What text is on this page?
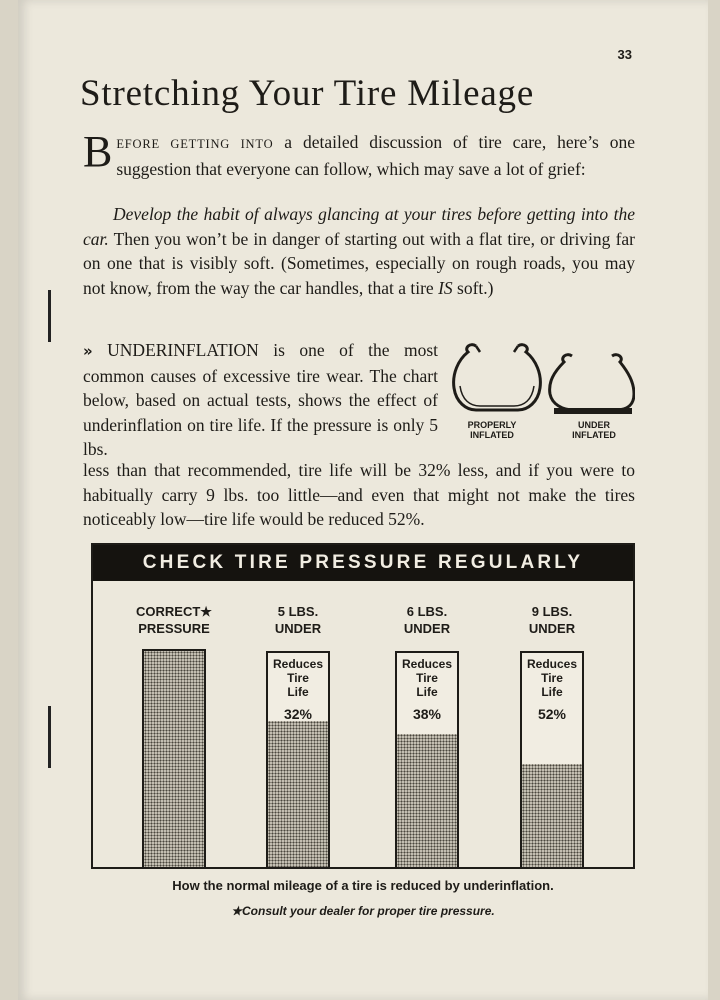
33
Stretching Your Tire Mileage
BEFORE GETTING INTO a detailed discussion of tire care, here’s one suggestion that everyone can follow, which may save a lot of grief:
Develop the habit of always glancing at your tires before getting into the car. Then you won’t be in danger of starting out with a flat tire, or driving far on one that is visibly soft. (Sometimes, especially on rough roads, you may not know, from the way the car handles, that a tire IS soft.)
» UNDERINFLATION is one of the most common causes of excessive tire wear. The chart below, based on actual tests, shows the effect of underinflation on tire life. If the pressure is only 5 lbs.
less than that recommended, tire life will be 32% less, and if you were to habitually carry 9 lbs. too little—and even that might not make the tires noticeably low—tire life would be reduced 52%.
PROPERLY
INFLATED
UNDER
INFLATED
CHECK TIRE PRESSURE REGULARLY
CORRECT★
PRESSURE
5 LBS.
UNDER
Reduces
Tire
Life
32%
6 LBS.
UNDER
Reduces
Tire
Life
38%
9 LBS.
UNDER
Reduces
Tire
Life
52%
How the normal mileage of a tire is reduced by underinflation.
★Consult your dealer for proper tire pressure.
